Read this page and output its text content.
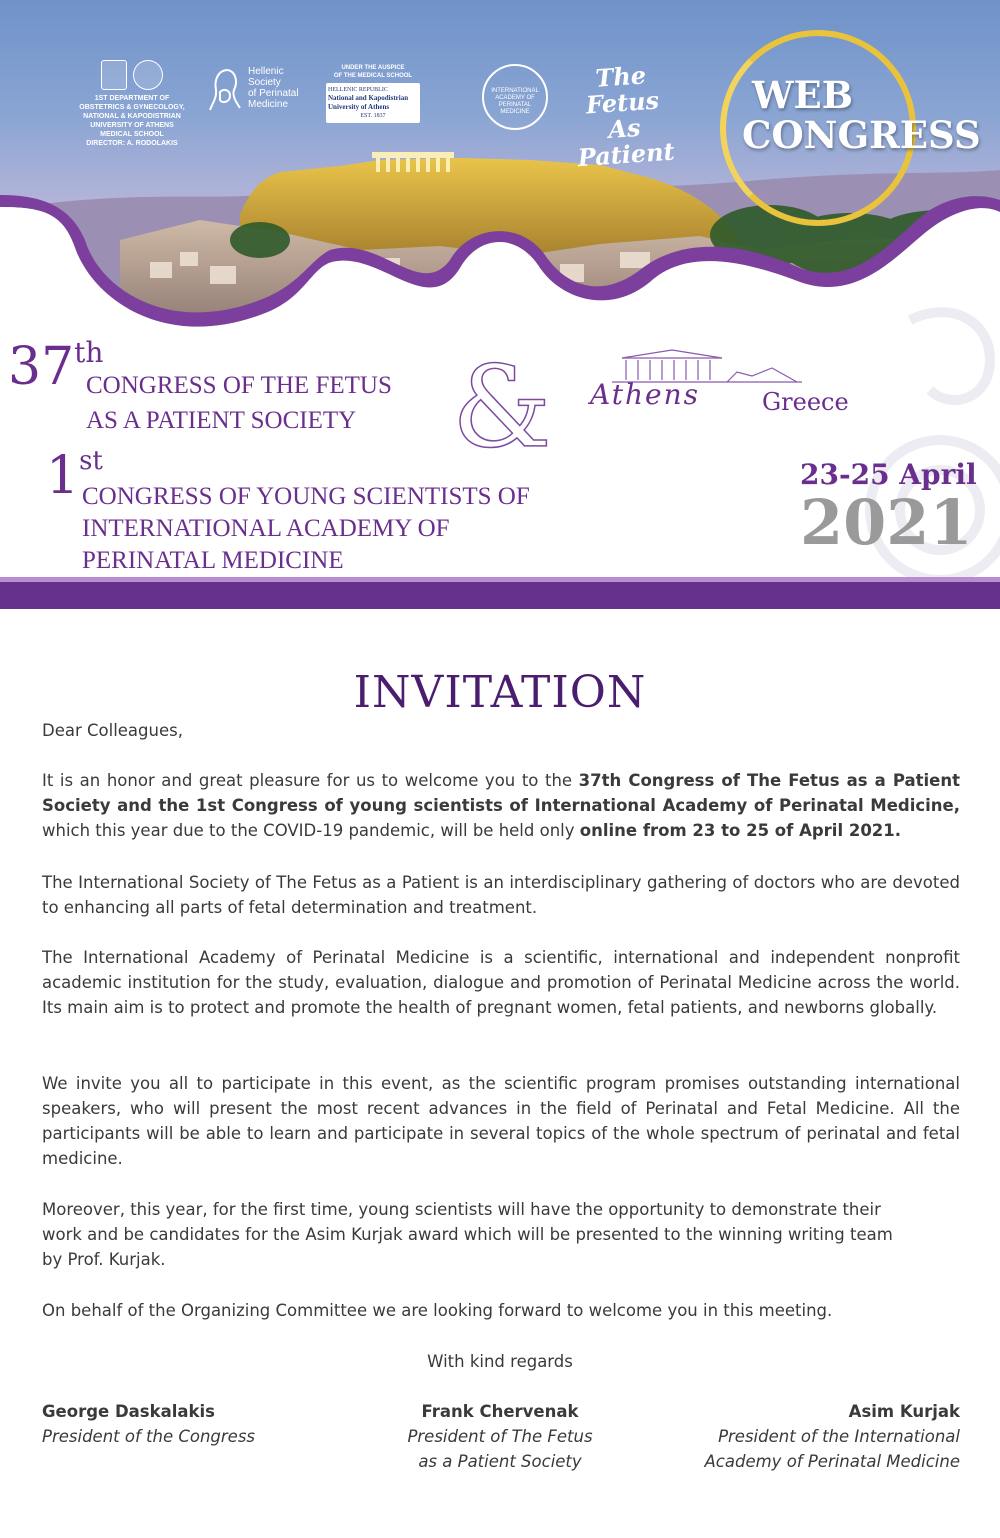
1ST DEPARTMENT OF
OBSTETRICS & GYNECOLOGY,
NATIONAL & KAPODISTRIAN
UNIVERSITY OF ATHENS
MEDICAL SCHOOL
DIRECTOR: A. RODOLAKIS
Hellenic
Society
of Perinatal
Medicine
UNDER THE AUSPICE
OF THE MEDICAL SCHOOL
HELLENIC REPUBLIC
National and Kapodistrian
University of Athens
EST. 1837
INTERNATIONAL
ACADEMY OF
PERINATAL
MEDICINE
The Fetus
As Patient
WEB
CONGRESS
37th
CONGRESS OF THE FETUS
AS A PATIENT SOCIETY
1st
CONGRESS OF YOUNG SCIENTISTS OF
INTERNATIONAL ACADEMY OF
PERINATAL MEDICINE
& Athens	Greece
23-25 April
2021
INVITATION
Dear Colleagues,
It is an honor and great pleasure for us to welcome you to the 37th Congress of The Fetus as a Patient Society and the 1st Congress of young scientists of International Academy of Perinatal Medicine, which this year due to the COVID-19 pandemic, will be held only online from 23 to 25 of April 2021.
The International Society of The Fetus as a Patient is an interdisciplinary gathering of doctors who are devoted to enhancing all parts of fetal determination and treatment.
The International Academy of Perinatal Medicine is a scientific, international and independent nonprofit academic institution for the study, evaluation, dialogue and promotion of Perinatal Medicine across the world. Its main aim is to protect and promote the health of pregnant women, fetal patients, and newborns globally.
We invite you all to participate in this event, as the scientific program promises outstanding international speakers, who will present the most recent advances in the field of Perinatal and Fetal Medicine. All the participants will be able to learn and participate in several topics of the whole spectrum of perinatal and fetal medicine.
Moreover, this year, for the first time, young scientists will have the opportunity to demonstrate their
work and be candidates for the Asim Kurjak award which will be presented to the winning writing team
by Prof. Kurjak.
On behalf of the Organizing Committee we are looking forward to welcome you in this meeting.
With kind regards
George Daskalakis
President of the Congress
Frank Chervenak
President of The Fetus
as a Patient Society
Asim Kurjak
President of the International
Academy of Perinatal Medicine
